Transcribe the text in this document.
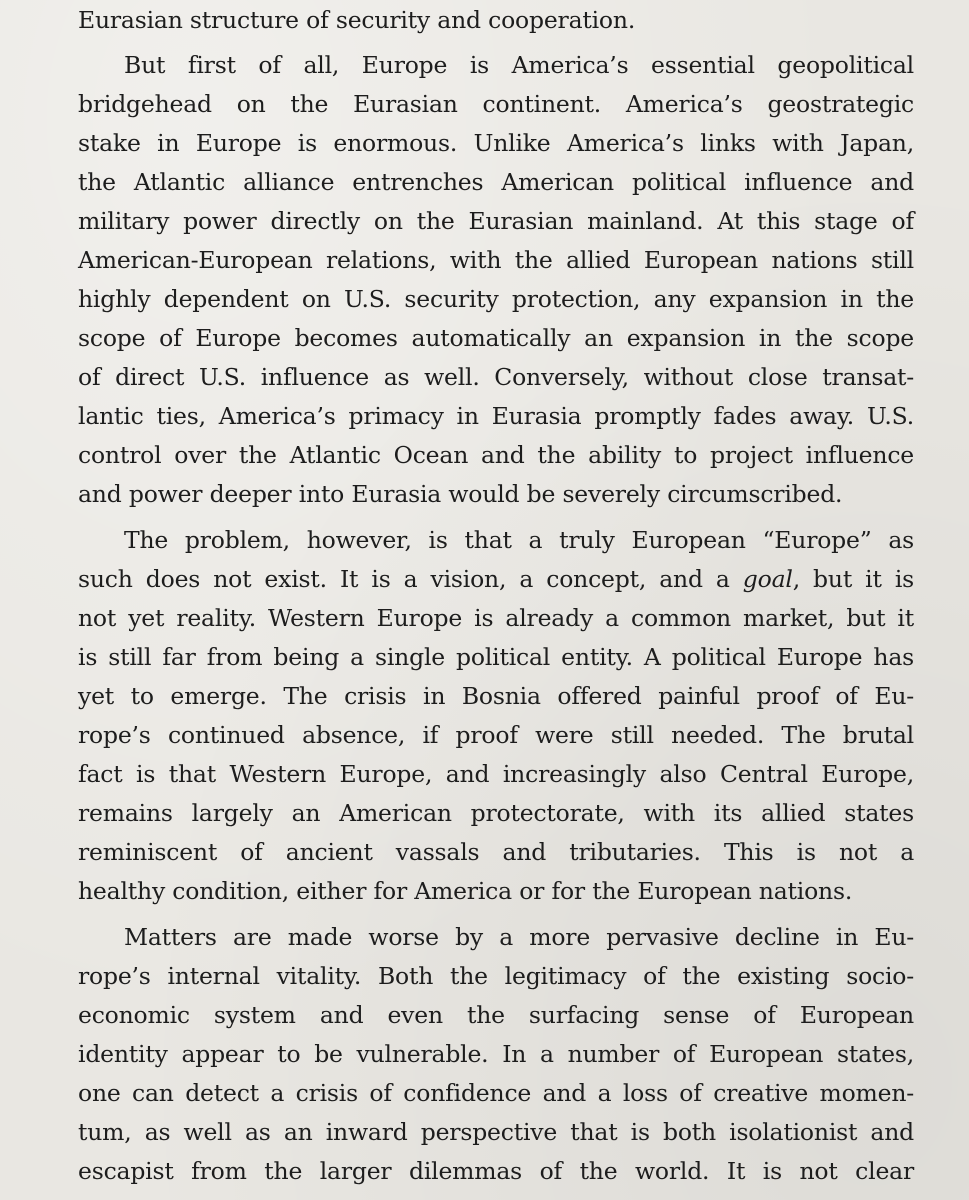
Eurasian structure of security and cooperation.
But first of all, Europe is America’s essential geopolitical
bridgehead on the Eurasian continent. America’s geostrategic
stake in Europe is enormous. Unlike America’s links with Japan,
the Atlantic alliance entrenches American political influence and
military power directly on the Eurasian mainland. At this stage of
American-European relations, with the allied European nations still
highly dependent on U.S. security protection, any expansion in the
scope of Europe becomes automatically an expansion in the scope
of direct U.S. influence as well. Conversely, without close transat-
lantic ties, America’s primacy in Eurasia promptly fades away. U.S.
control over the Atlantic Ocean and the ability to project influence
and power deeper into Eurasia would be severely circumscribed.
The problem, however, is that a truly European “Europe” as
such does not exist. It is a vision, a concept, and a goal, but it is
not yet reality. Western Europe is already a common market, but it
is still far from being a single political entity. A political Europe has
yet to emerge. The crisis in Bosnia offered painful proof of Eu-
rope’s continued absence, if proof were still needed. The brutal
fact is that Western Europe, and increasingly also Central Europe,
remains largely an American protectorate, with its allied states
reminiscent of ancient vassals and tributaries. This is not a
healthy condition, either for America or for the European nations.
Matters are made worse by a more pervasive decline in Eu-
rope’s internal vitality. Both the legitimacy of the existing socio-
economic system and even the surfacing sense of European
identity appear to be vulnerable. In a number of European states,
one can detect a crisis of confidence and a loss of creative momen-
tum, as well as an inward perspective that is both isolationist and
escapist from the larger dilemmas of the world. It is not clear
